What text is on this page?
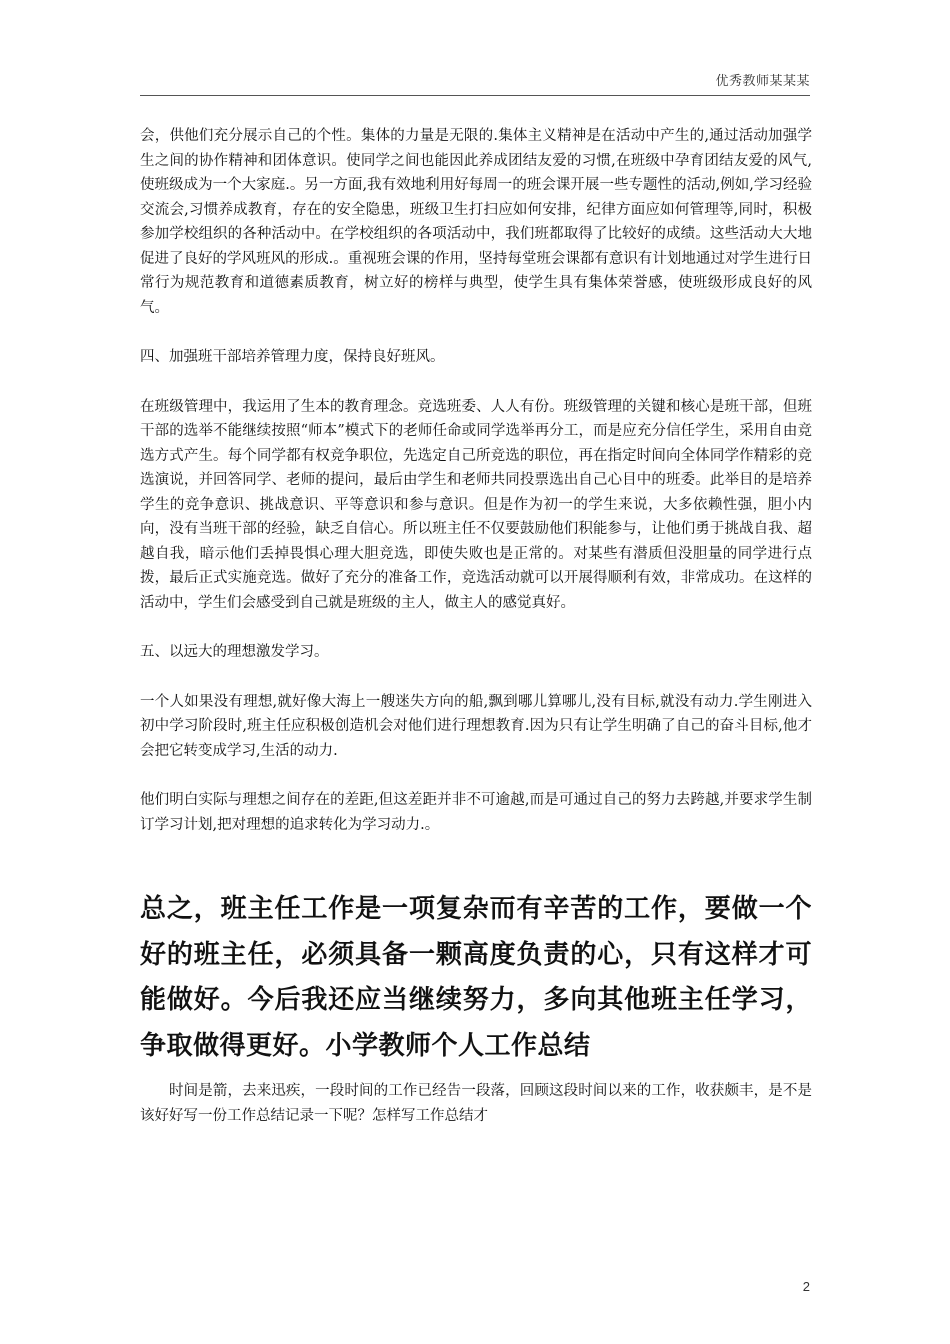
优秀教师某某某

会，供他们充分展示自己的个性。集体的力量是无限的.集体主义精神是在活动中产生的,通过活动加强学生之间的协作精神和团体意识。使同学之间也能因此养成团结友爱的习惯,在班级中孕育团结友爱的风气,使班级成为一个大家庭.。另一方面,我有效地利用好每周一的班会课开展一些专题性的活动,例如,学习经验交流会,习惯养成教育，存在的安全隐患，班级卫生打扫应如何安排，纪律方面应如何管理等,同时，积极参加学校组织的各种活动中。在学校组织的各项活动中，我们班都取得了比较好的成绩。这些活动大大地促进了良好的学风班风的形成.。重视班会课的作用，坚持每堂班会课都有意识有计划地通过对学生进行日常行为规范教育和道德素质教育，树立好的榜样与典型，使学生具有集体荣誉感，使班级形成良好的风气。

四、加强班干部培养管理力度，保持良好班风。

在班级管理中，我运用了生本的教育理念。竞选班委、人人有份。班级管理的关键和核心是班干部，但班干部的选举不能继续按照“师本”模式下的老师任命或同学选举再分工，而是应充分信任学生，采用自由竞选方式产生。每个同学都有权竞争职位，先选定自己所竞选的职位，再在指定时间向全体同学作精彩的竞选演说，并回答同学、老师的提问，最后由学生和老师共同投票选出自己心目中的班委。此举目的是培养学生的竞争意识、挑战意识、平等意识和参与意识。但是作为初一的学生来说，大多依赖性强，胆小内向，没有当班干部的经验，缺乏自信心。所以班主任不仅要鼓励他们积能参与，让他们勇于挑战自我、超越自我，暗示他们丢掉畏惧心理大胆竞选，即使失败也是正常的。对某些有潜质但没胆量的同学进行点拨，最后正式实施竞选。做好了充分的准备工作，竞选活动就可以开展得顺利有效，非常成功。在这样的活动中，学生们会感受到自己就是班级的主人，做主人的感觉真好。

五、以远大的理想激发学习。

一个人如果没有理想,就好像大海上一艘迷失方向的船,飘到哪儿算哪儿,没有目标,就没有动力.学生刚进入初中学习阶段时,班主任应积极创造机会对他们进行理想教育.因为只有让学生明确了自己的奋斗目标,他才会把它转变成学习,生活的动力.

他们明白实际与理想之间存在的差距,但这差距并非不可逾越,而是可通过自己的努力去跨越,并要求学生制订学习计划,把对理想的追求转化为学习动力.。

总之，班主任工作是一项复杂而有辛苦的工作，要做一个好的班主任，必须具备一颗高度负责的心，只有这样才可能做好。今后我还应当继续努力，多向其他班主任学习，争取做得更好。小学教师个人工作总结

时间是箭，去来迅疾，一段时间的工作已经告一段落，回顾这段时间以来的工作，收获颇丰，是不是该好好写一份工作总结记录一下呢？怎样写工作总结才

2
